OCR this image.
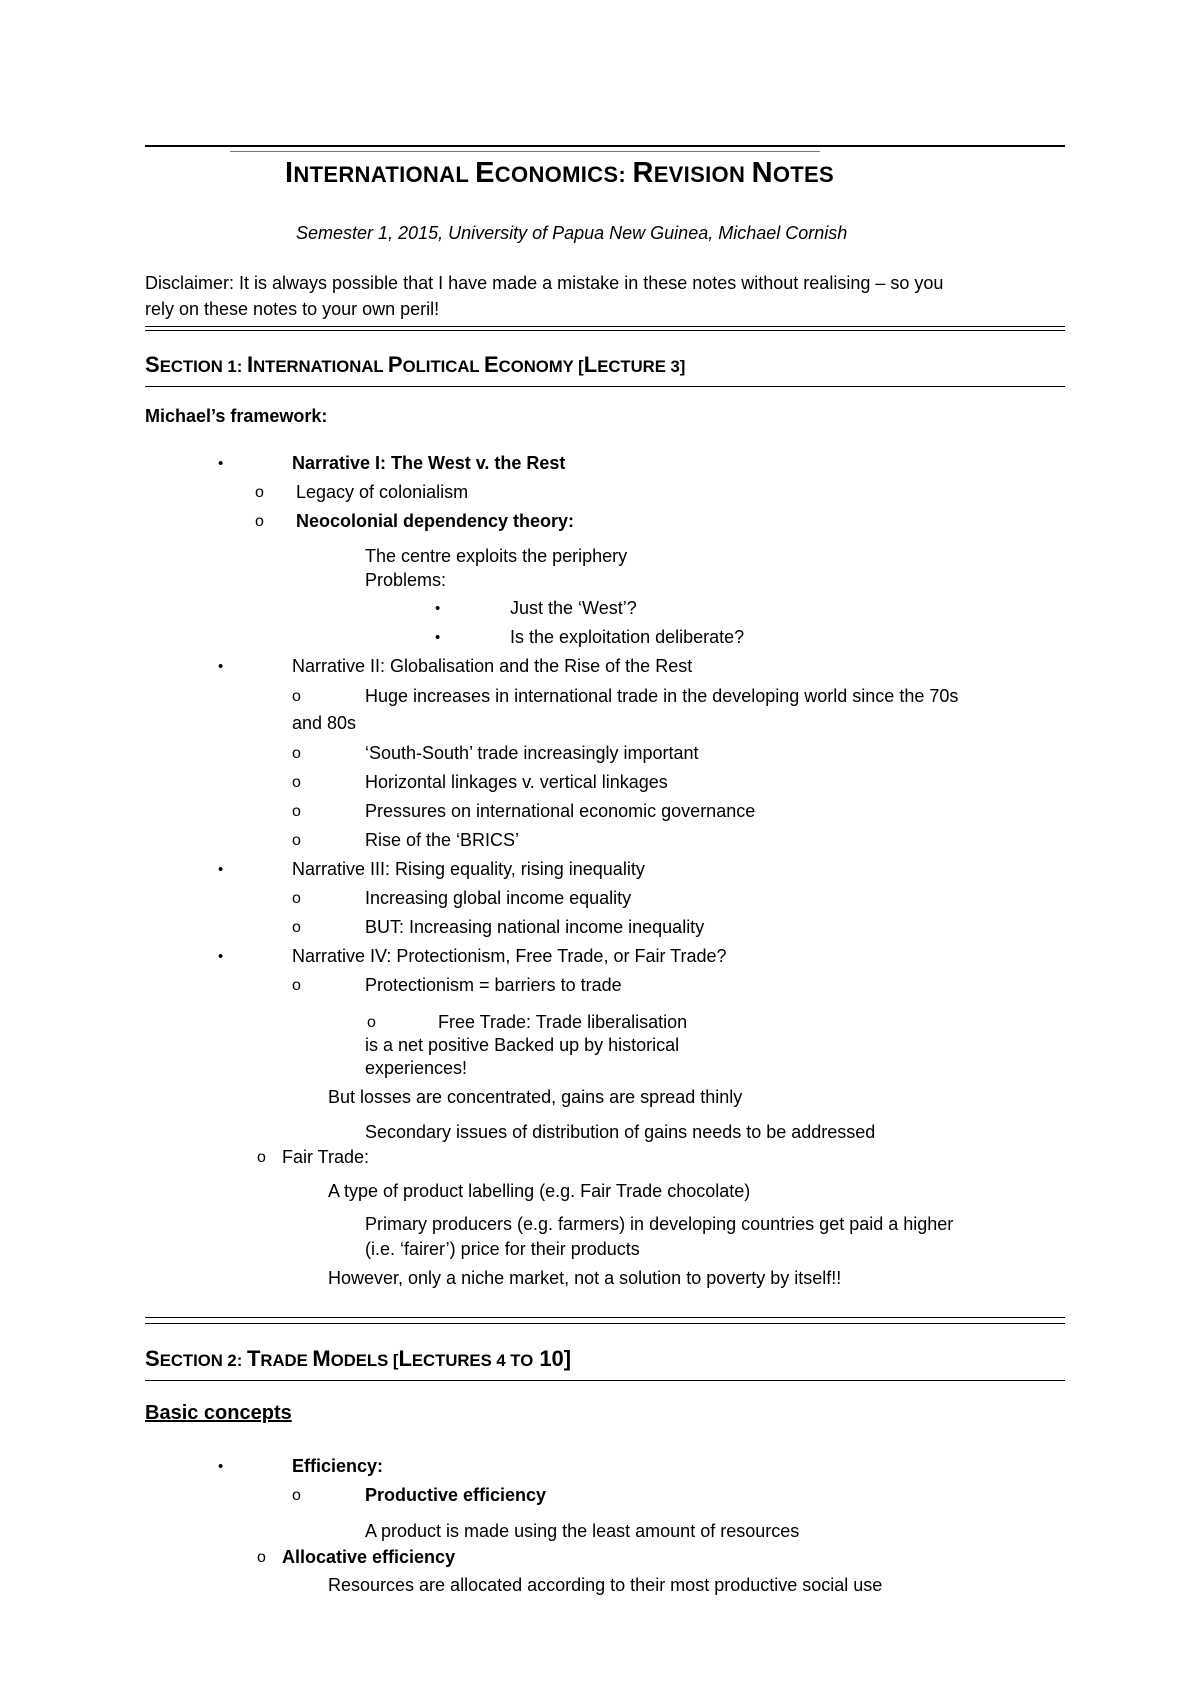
INTERNATIONAL ECONOMICS: REVISION NOTES
Semester 1, 2015, University of Papua New Guinea, Michael Cornish
Disclaimer: It is always possible that I have made a mistake in these notes without realising – so you
rely on these notes to your own peril!
SECTION 1: INTERNATIONAL POLITICAL ECONOMY [LECTURE 3]
Michael’s framework:
•	Narrative I: The West v. the Rest
o Legacy of colonialism
o Neocolonial dependency theory:
The centre exploits the periphery
Problems:
•	Just the ‘West’?
•	Is the exploitation deliberate?
•	Narrative II: Globalisation and the Rise of the Rest
o	Huge increases in international trade in the developing world since the 70s
and 80s
o	‘South-South’ trade increasingly important
o	Horizontal linkages v. vertical linkages
o	Pressures on international economic governance
o	Rise of the ‘BRICS’
•	Narrative III: Rising equality, rising inequality
o	Increasing global income equality
o	BUT: Increasing national income inequality
•	Narrative IV: Protectionism, Free Trade, or Fair Trade?
o	Protectionism = barriers to trade
o	Free Trade: Trade liberalisation
is a net positive Backed up by historical
experiences!
But losses are concentrated, gains are spread thinly
Secondary issues of distribution of gains needs to be addressed
o Fair Trade:
A type of product labelling (e.g. Fair Trade chocolate)
Primary producers (e.g. farmers) in developing countries get paid a higher
(i.e. ‘fairer’) price for their products
However, only a niche market, not a solution to poverty by itself!!
SECTION 2: TRADE MODELS [LECTURES 4 TO 10]
Basic concepts
•	Efficiency:
o	Productive efficiency
A product is made using the least amount of resources
o Allocative efficiency
Resources are allocated according to their most productive social use
